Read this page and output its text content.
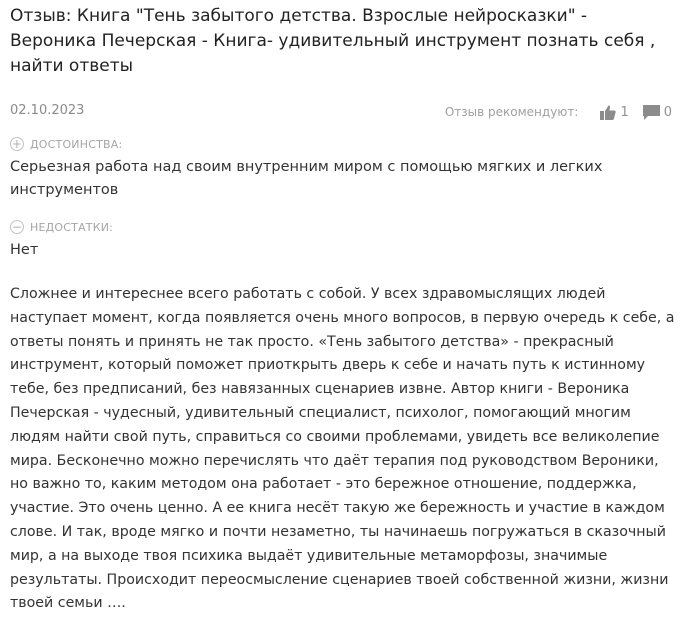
Отзыв: Книга "Тень забытого детства. Взрослые нейросказки" - Вероника Печерская - Книга- удивительный инструмент познать себя , найти ответы
02.10.2023	Отзыв рекомендуют:	1	0
+ ДОСТОИНСТВА:
Серьезная работа над своим внутренним миром с помощью мягких и легких инструментов
− НЕДОСТАТКИ:
Нет
Сложнее и интереснее всего работать с собой. У всех здравомыслящих людей наступает момент, когда появляется очень много вопросов, в первую очередь к себе, а ответы понять и принять не так просто. «Тень забытого детства» - прекрасный инструмент, который поможет приоткрыть дверь к себе и начать путь к истинному тебе, без предписаний, без навязанных сценариев извне. Автор книги - Вероника Печерская - чудесный, удивительный специалист, психолог, помогающий многим людям найти свой путь, справиться со своими проблемами, увидеть все великолепие мира. Бесконечно можно перечислять что даёт терапия под руководством Вероники, но важно то, каким методом она работает - это бережное отношение, поддержка, участие. Это очень ценно. А ее книга несёт такую же бережность и участие в каждом слове. И так, вроде мягко и почти незаметно, ты начинаешь погружаться в сказочный мир, а на выходе твоя психика выдаёт удивительные метаморфозы, значимые результаты. Происходит переосмысление сценариев твоей собственной жизни, жизни твоей семьи ….
